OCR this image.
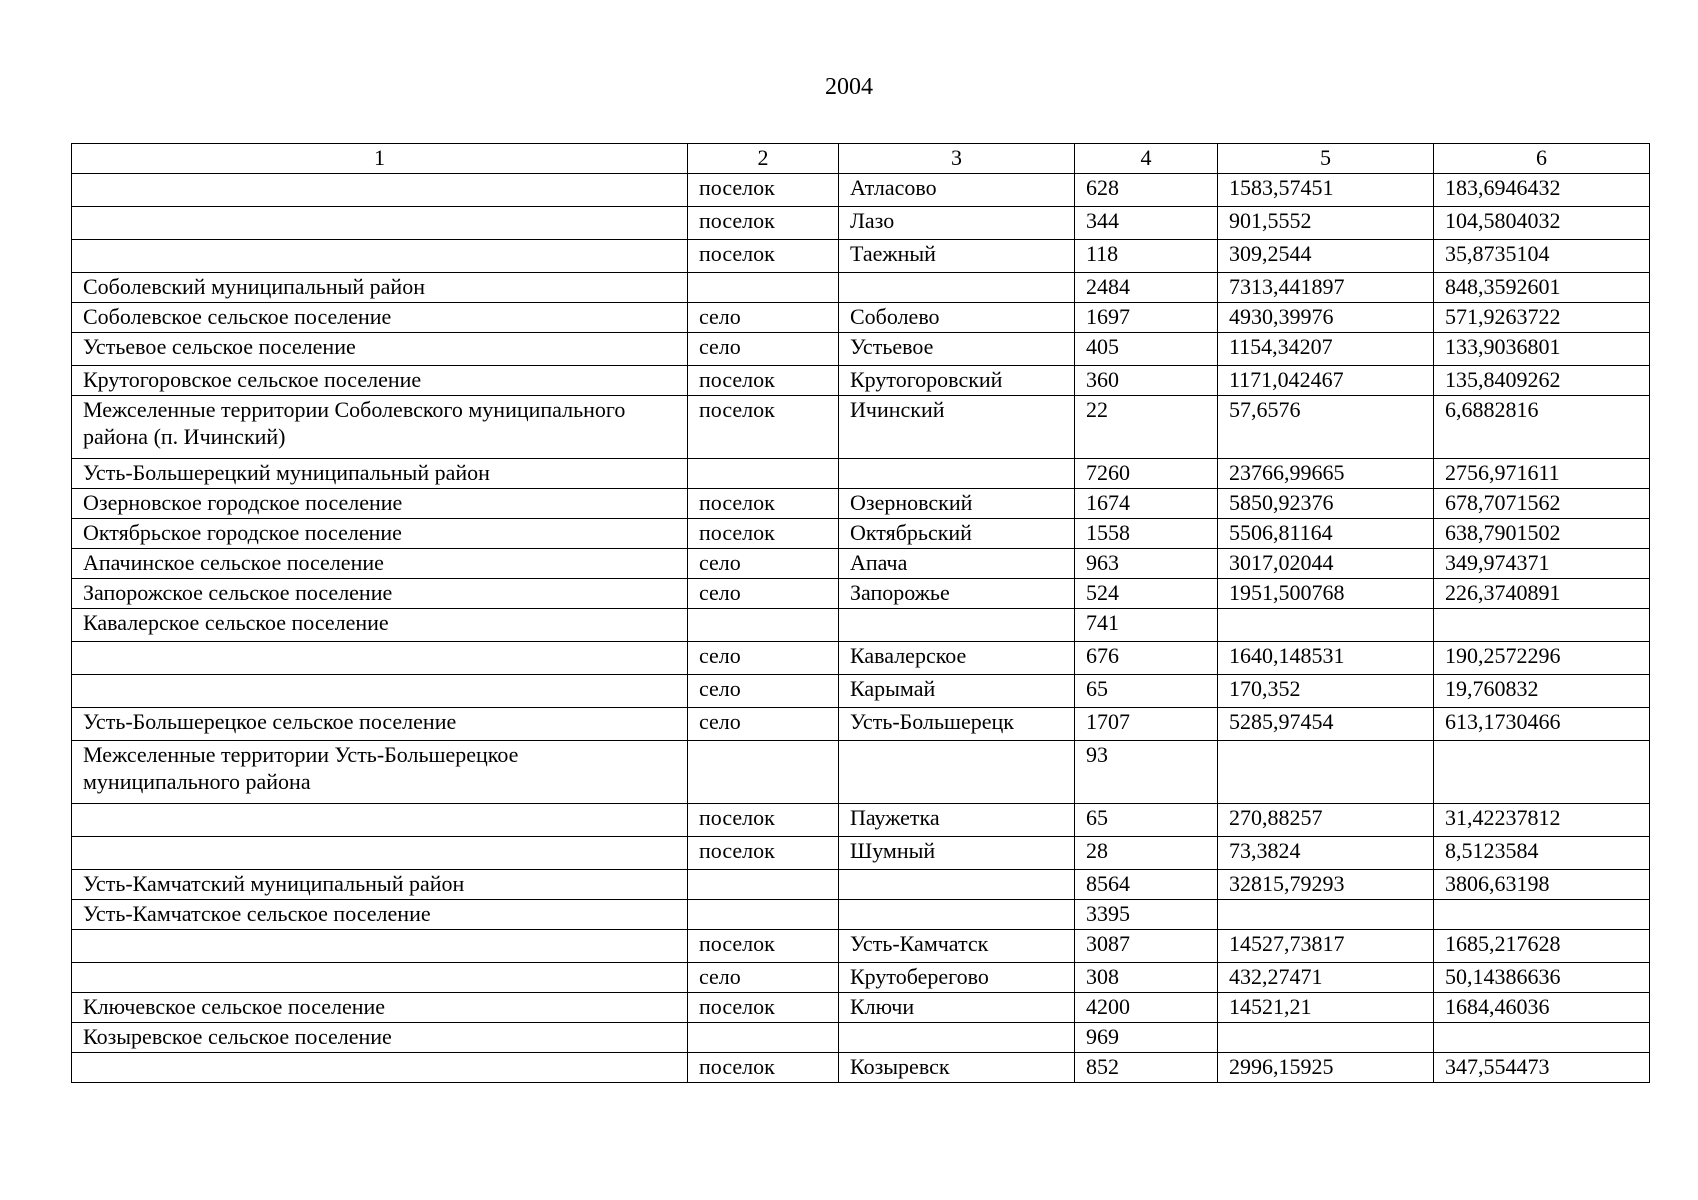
2004
1	2	3	4	5	6
	поселок	Атласово	628	1583,57451	183,6946432
	поселок	Лазо	344	901,5552	104,5804032
	поселок	Таежный	118	309,2544	35,8735104
Соболевский муниципальный район			2484	7313,441897	848,3592601
Соболевское сельское поселение	село	Соболево	1697	4930,39976	571,9263722
Устьевое сельское поселение	село	Устьевое	405	1154,34207	133,9036801
Крутогоровское сельское поселение	поселок	Крутогоровский	360	1171,042467	135,8409262
Межселенные территории Соболевского муниципального района (п. Ичинский)	поселок	Ичинский	22	57,6576	6,6882816
Усть-Большерецкий муниципальный район			7260	23766,99665	2756,971611
Озерновское городское поселение	поселок	Озерновский	1674	5850,92376	678,7071562
Октябрьское городское поселение	поселок	Октябрьский	1558	5506,81164	638,7901502
Апачинское сельское поселение	село	Апача	963	3017,02044	349,974371
Запорожское сельское поселение	село	Запорожье	524	1951,500768	226,3740891
Кавалерское сельское поселение			741		
	село	Кавалерское	676	1640,148531	190,2572296
	село	Карымай	65	170,352	19,760832
Усть-Большерецкое сельское поселение	село	Усть-Большерецк	1707	5285,97454	613,1730466
Межселенные территории Усть-Большерецкое муниципального района			93		
	поселок	Паужетка	65	270,88257	31,42237812
	поселок	Шумный	28	73,3824	8,5123584
Усть-Камчатский муниципальный район			8564	32815,79293	3806,63198
Усть-Камчатское сельское поселение			3395		
	поселок	Усть-Камчатск	3087	14527,73817	1685,217628
	село	Крутоберегово	308	432,27471	50,14386636
Ключевское сельское поселение	поселок	Ключи	4200	14521,21	1684,46036
Козыревское сельское поселение			969		
	поселок	Козыревск	852	2996,15925	347,554473
